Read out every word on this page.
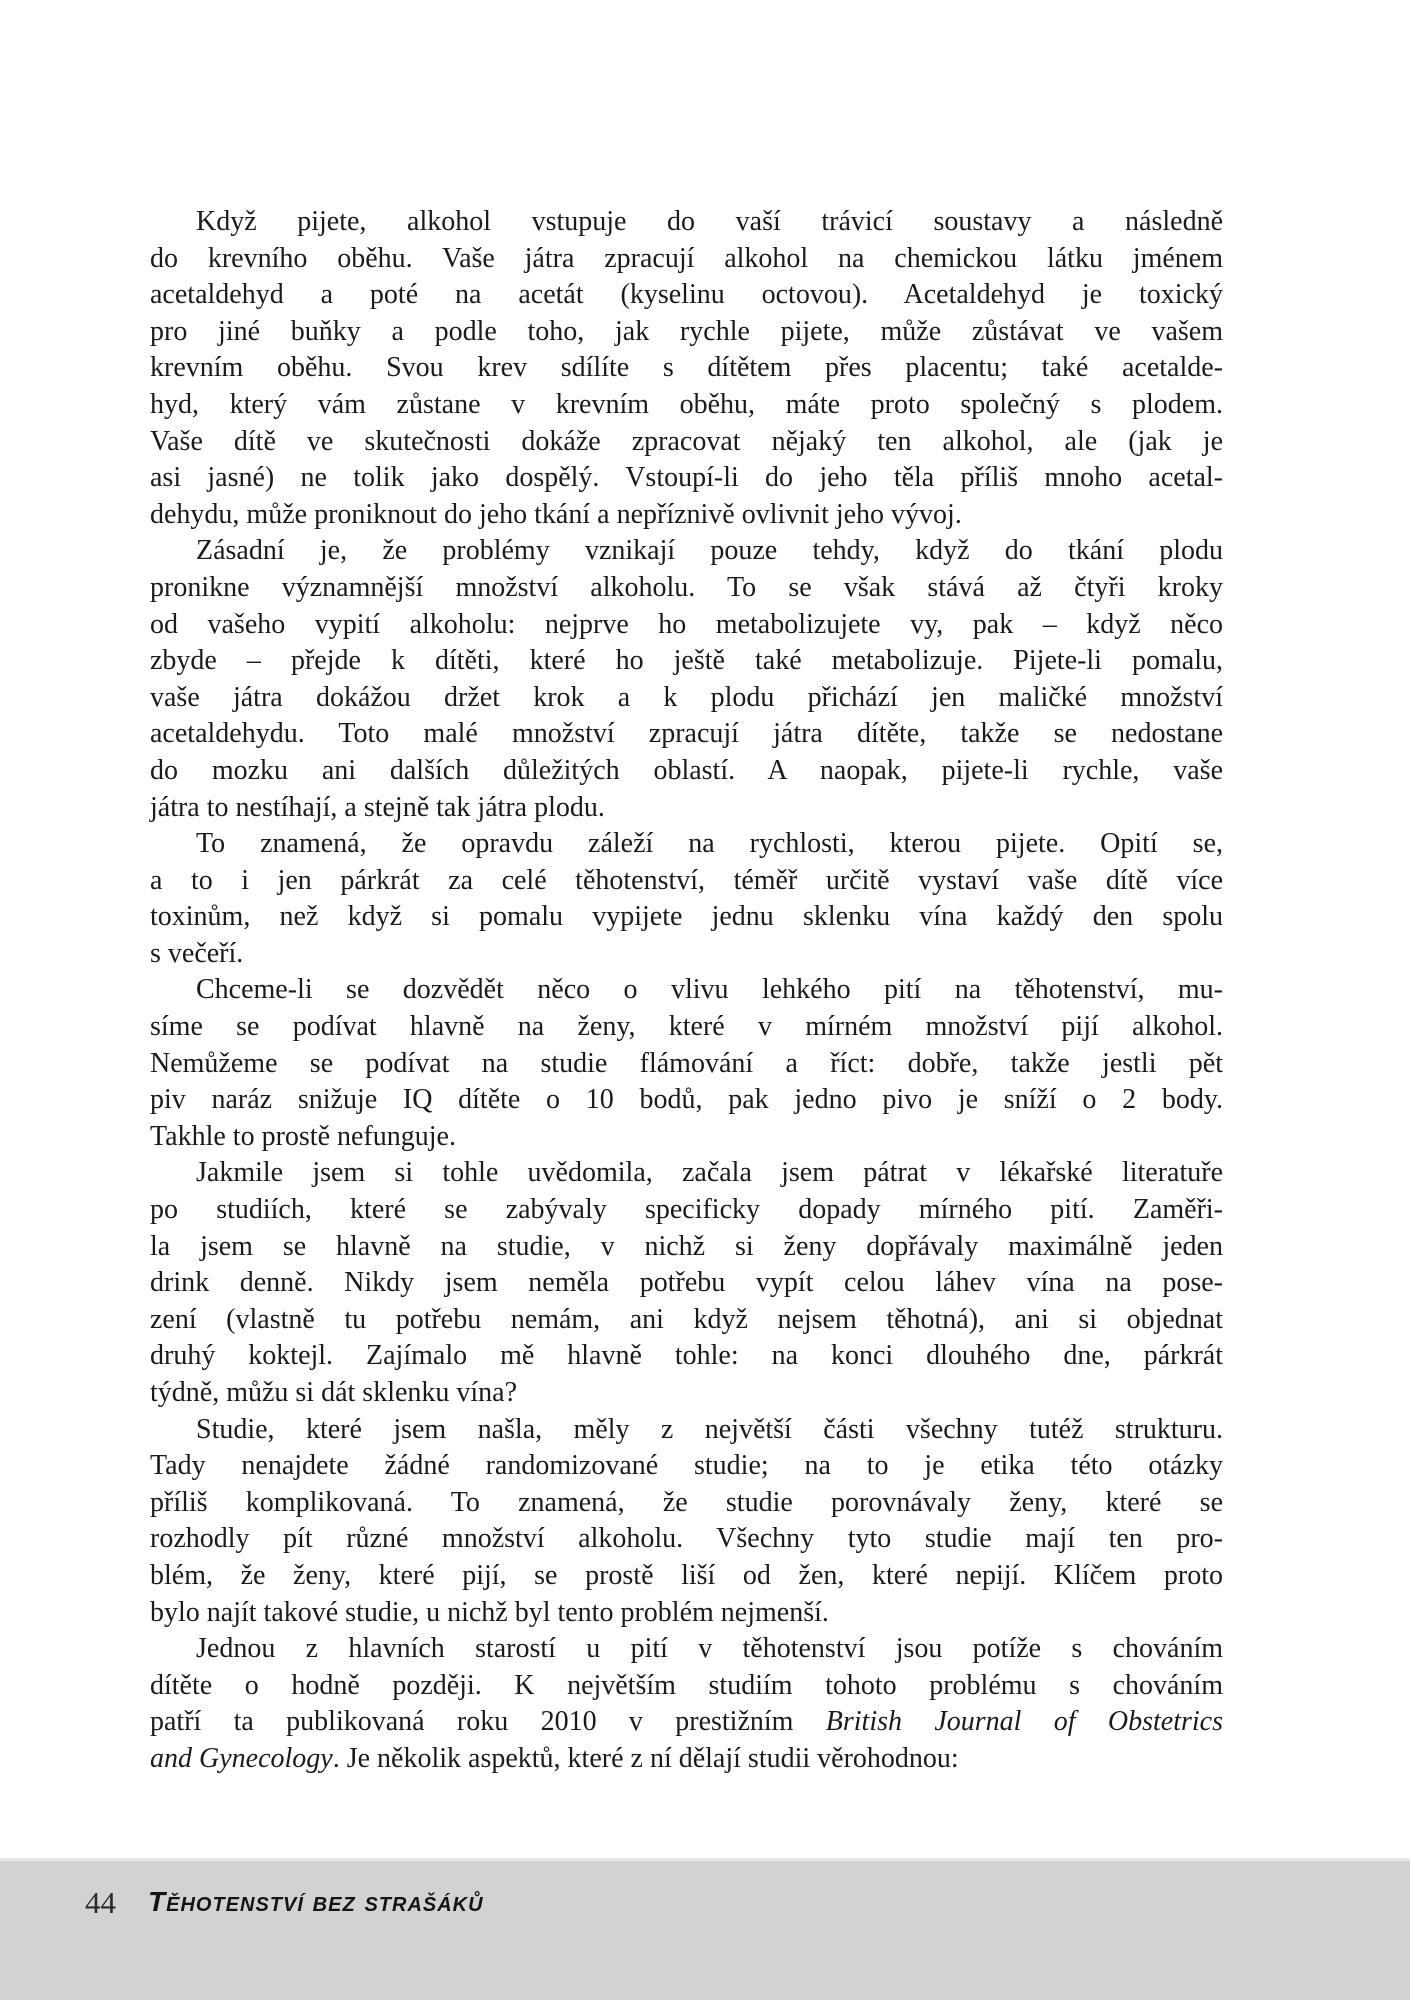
Když pijete, alkohol vstupuje do vaší trávicí soustavy a následně
do krevního oběhu. Vaše játra zpracují alkohol na chemickou látku jménem
acetaldehyd a poté na acetát (kyselinu octovou). Acetaldehyd je toxický
pro jiné buňky a podle toho, jak rychle pijete, může zůstávat ve vašem
krevním oběhu. Svou krev sdílíte s dítětem přes placentu; také acetalde-
hyd, který vám zůstane v krevním oběhu, máte proto společný s plodem.
Vaše dítě ve skutečnosti dokáže zpracovat nějaký ten alkohol, ale (jak je
asi jasné) ne tolik jako dospělý. Vstoupí-li do jeho těla příliš mnoho acetal-
dehydu, může proniknout do jeho tkání a nepříznivě ovlivnit jeho vývoj.
Zásadní je, že problémy vznikají pouze tehdy, když do tkání plodu
pronikne významnější množství alkoholu. To se však stává až čtyři kroky
od vašeho vypití alkoholu: nejprve ho metabolizujete vy, pak – když něco
zbyde – přejde k dítěti, které ho ještě také metabolizuje. Pijete-li pomalu,
vaše játra dokážou držet krok a k plodu přichází jen maličké množství
acetaldehydu. Toto malé množství zpracují játra dítěte, takže se nedostane
do mozku ani dalších důležitých oblastí. A naopak, pijete-li rychle, vaše
játra to nestíhají, a stejně tak játra plodu.
To znamená, že opravdu záleží na rychlosti, kterou pijete. Opití se,
a to i jen párkrát za celé těhotenství, téměř určitě vystaví vaše dítě více
toxinům, než když si pomalu vypijete jednu sklenku vína každý den spolu
s večeří.
Chceme-li se dozvědět něco o vlivu lehkého pití na těhotenství, mu-
síme se podívat hlavně na ženy, které v mírném množství pijí alkohol.
Nemůžeme se podívat na studie flámování a říct: dobře, takže jestli pět
piv naráz snižuje IQ dítěte o 10 bodů, pak jedno pivo je sníží o 2 body.
Takhle to prostě nefunguje.
Jakmile jsem si tohle uvědomila, začala jsem pátrat v lékařské literatuře
po studiích, které se zabývaly specificky dopady mírného pití. Zaměři-
la jsem se hlavně na studie, v nichž si ženy dopřávaly maximálně jeden
drink denně. Nikdy jsem neměla potřebu vypít celou láhev vína na pose-
zení (vlastně tu potřebu nemám, ani když nejsem těhotná), ani si objednat
druhý koktejl. Zajímalo mě hlavně tohle: na konci dlouhého dne, párkrát
týdně, můžu si dát sklenku vína?
Studie, které jsem našla, měly z největší části všechny tutéž strukturu.
Tady nenajdete žádné randomizované studie; na to je etika této otázky
příliš komplikovaná. To znamená, že studie porovnávaly ženy, které se
rozhodly pít různé množství alkoholu. Všechny tyto studie mají ten pro-
blém, že ženy, které pijí, se prostě liší od žen, které nepijí. Klíčem proto
bylo najít takové studie, u nichž byl tento problém nejmenší.
Jednou z hlavních starostí u pití v těhotenství jsou potíže s chováním
dítěte o hodně později. K největším studiím tohoto problému s chováním
patří ta publikovaná roku 2010 v prestižním British Journal of Obstetrics
and Gynecology. Je několik aspektů, které z ní dělají studii věrohodnou:
44 Těhotenství bez strašáků
